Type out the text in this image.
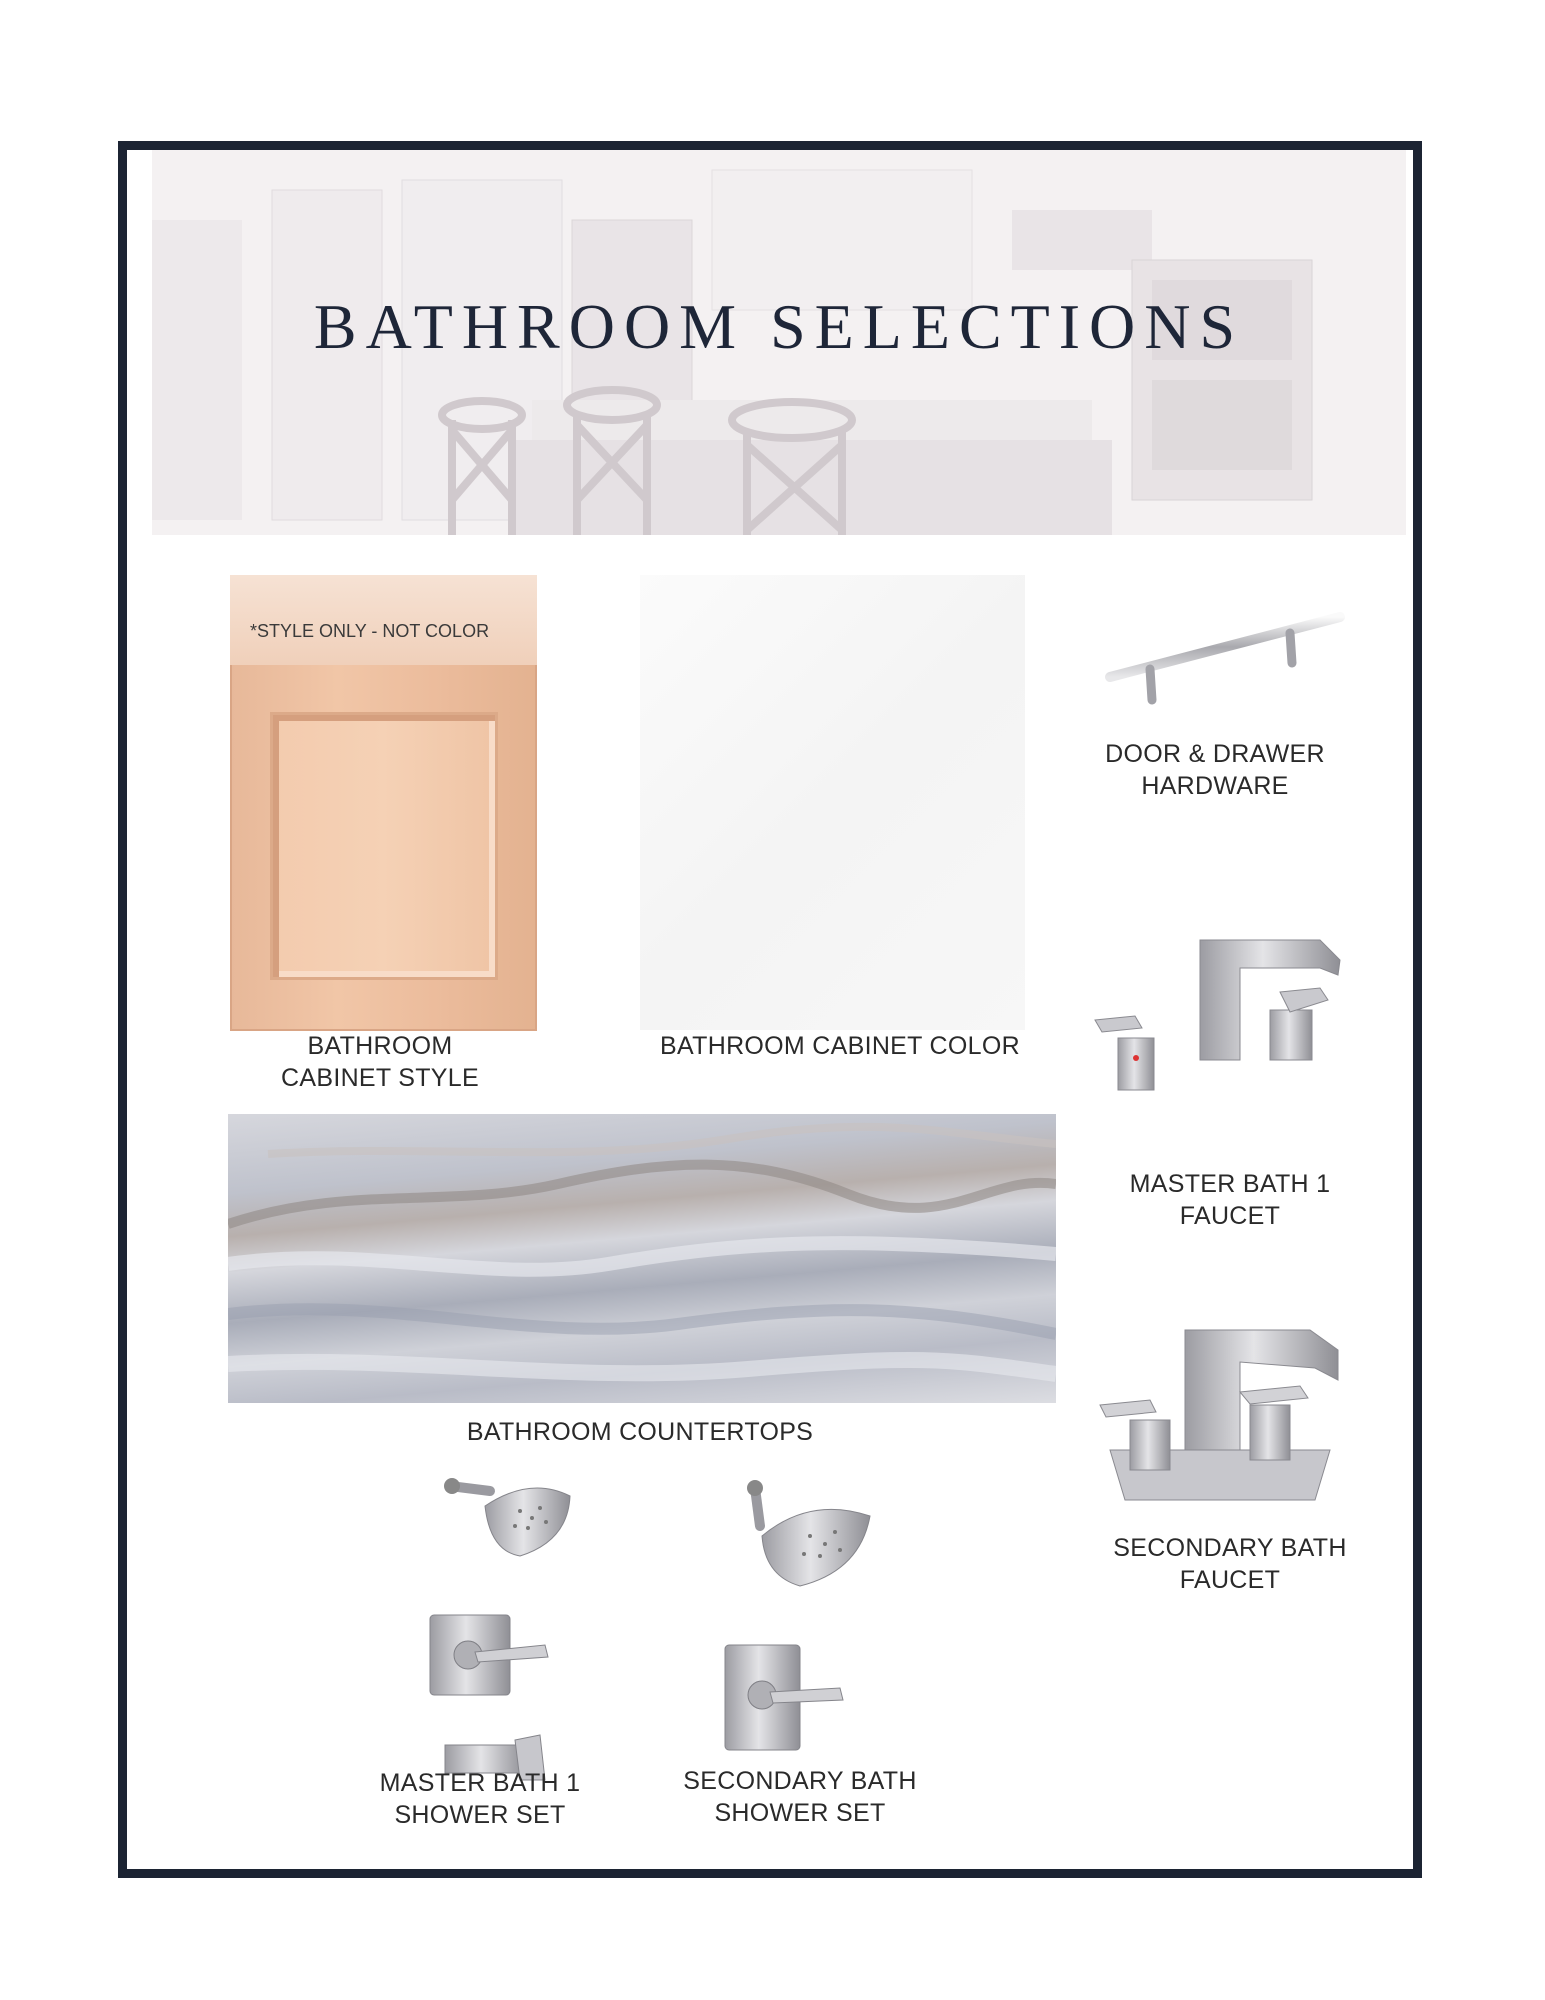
BATHROOM SELECTIONS
*STYLE ONLY - NOT COLOR
BATHROOM
CABINET STYLE
BATHROOM CABINET COLOR
DOOR & DRAWER
HARDWARE
MASTER BATH 1
FAUCET
BATHROOM COUNTERTOPS
SECONDARY BATH
FAUCET
MASTER BATH 1
SHOWER SET
SECONDARY BATH
SHOWER SET
